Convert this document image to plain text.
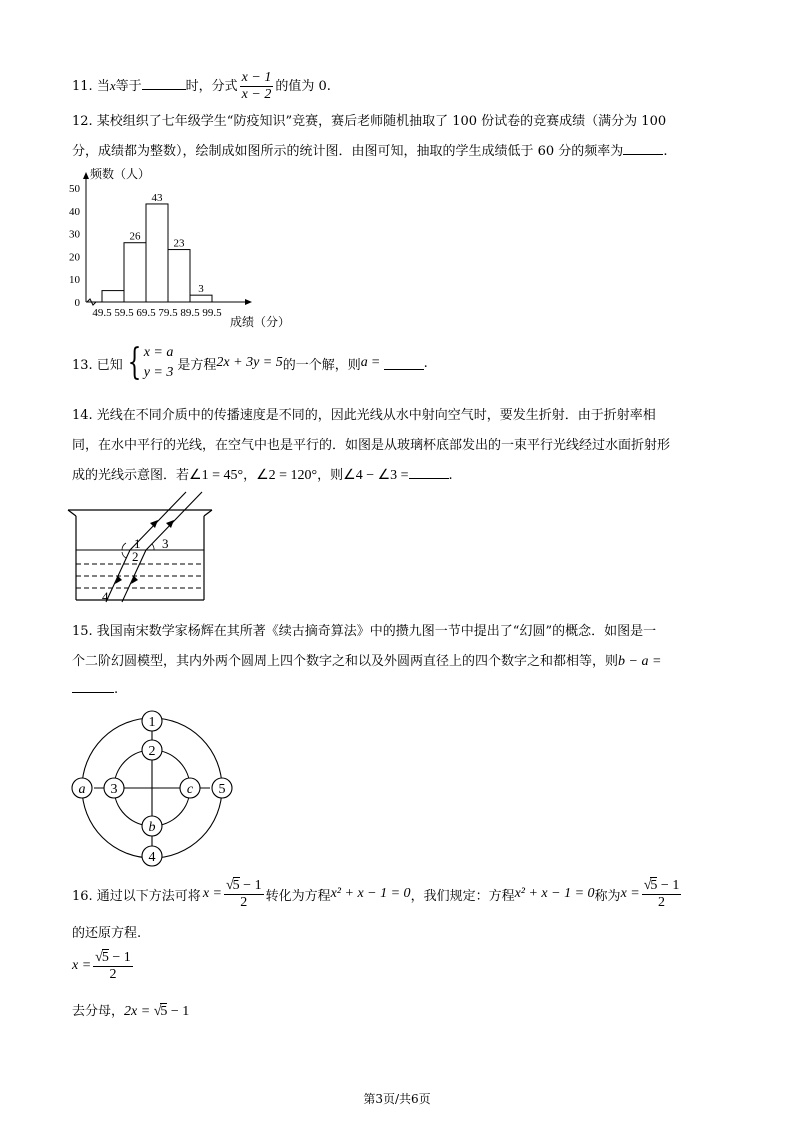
11. 当x等于	时，分式 $\frac{x - 1}{x - 2}$ 的值为 0.
12. 某校组织了七年级学生“防疫知识”竞赛，赛后老师随机抽取了 100 份试卷的竞赛成绩（满分为 100
分，成绩都为整数），绘制成如图所示的统计图．由图可知，抽取的学生成绩低于 60 分的频率为	.
0
10
20
30
40
50
频数（人）
26
43
23
3
49.5 59.5 69.5 79.5 89.5 99.5
成绩（分）
13. 已知 { x = a
y = 3 是方程 2x + 3y = 5 的一个解，则 a =	.
14. 光线在不同介质中的传播速度是不同的，因此光线从水中射向空气时，要发生折射．由于折射率相
同，在水中平行的光线，在空气中也是平行的．如图是从玻璃杯底部发出的一束平行光线经过水面折射形
成的光线示意图．若∠1 = 45°，∠2 = 120°，则∠4 − ∠3 =	.
1
2
3
4
15. 我国南宋数学家杨辉在其所著《续古摘奇算法》中的攒九图一节中提出了“幻圆”的概念．如图是一
个二阶幻圆模型，其内外两个圆周上四个数字之和以及外圆两直径上的四个数字之和都相等，则b − a =
.
1
2
a 3	c 5
b
4
16. 通过以下方法可将 $x = \frac{√5 - 1}{2}$ 转化为方程 x² + x − 1 = 0 ，我们规定：方程 x² + x − 1 = 0 称为 $x = \frac{√5 - 1}{2}$
的还原方程.
$x = \frac{√5 - 1}{2}$
去分母，2x = √5 − 1
第3页/共6页
